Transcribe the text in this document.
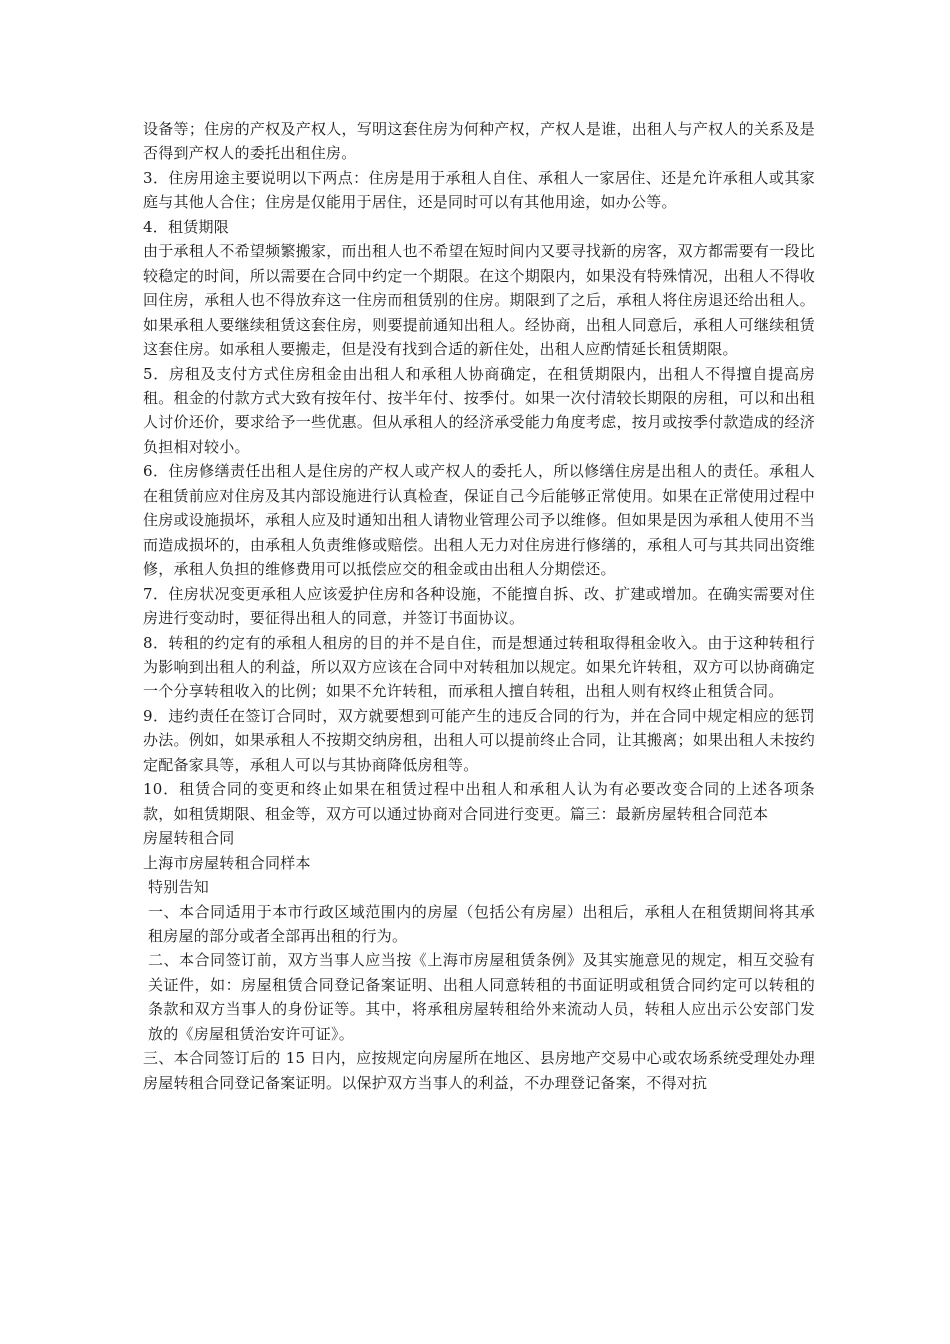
设备等；住房的产权及产权人，写明这套住房为何种产权，产权人是谁，出租人与产权人的关系及是否得到产权人的委托出租住房。

3．住房用途主要说明以下两点：住房是用于承租人自住、承租人一家居住、还是允许承租人或其家庭与其他人合住；住房是仅能用于居住，还是同时可以有其他用途，如办公等。

4．租赁期限

由于承租人不希望频繁搬家，而出租人也不希望在短时间内又要寻找新的房客，双方都需要有一段比较稳定的时间，所以需要在合同中约定一个期限。在这个期限内，如果没有特殊情况，出租人不得收回住房，承租人也不得放弃这一住房而租赁别的住房。期限到了之后，承租人将住房退还给出租人。如果承租人要继续租赁这套住房，则要提前通知出租人。经协商，出租人同意后，承租人可继续租赁这套住房。如承租人要搬走，但是没有找到合适的新住处，出租人应酌情延长租赁期限。

5．房租及支付方式住房租金由出租人和承租人协商确定，在租赁期限内，出租人不得擅自提高房租。租金的付款方式大致有按年付、按半年付、按季付。如果一次付清较长期限的房租，可以和出租人讨价还价，要求给予一些优惠。但从承租人的经济承受能力角度考虑，按月或按季付款造成的经济负担相对较小。

6．住房修缮责任出租人是住房的产权人或产权人的委托人，所以修缮住房是出租人的责任。承租人在租赁前应对住房及其内部设施进行认真检查，保证自己今后能够正常使用。如果在正常使用过程中住房或设施损坏，承租人应及时通知出租人请物业管理公司予以维修。但如果是因为承租人使用不当而造成损坏的，由承租人负责维修或赔偿。出租人无力对住房进行修缮的，承租人可与其共同出资维修，承租人负担的维修费用可以抵偿应交的租金或由出租人分期偿还。

7．住房状况变更承租人应该爱护住房和各种设施，不能擅自拆、改、扩建或增加。在确实需要对住房进行变动时，要征得出租人的同意，并签订书面协议。

8．转租的约定有的承租人租房的目的并不是自住，而是想通过转租取得租金收入。由于这种转租行为影响到出租人的利益，所以双方应该在合同中对转租加以规定。如果允许转租，双方可以协商确定一个分享转租收入的比例；如果不允许转租，而承租人擅自转租，出租人则有权终止租赁合同。

9．违约责任在签订合同时，双方就要想到可能产生的违反合同的行为，并在合同中规定相应的惩罚办法。例如，如果承租人不按期交纳房租，出租人可以提前终止合同，让其搬离；如果出租人未按约定配备家具等，承租人可以与其协商降低房租等。

10．租赁合同的变更和终止如果在租赁过程中出租人和承租人认为有必要改变合同的上述各项条款，如租赁期限、租金等，双方可以通过协商对合同进行变更。篇三：最新房屋转租合同范本

房屋转租合同

上海市房屋转租合同样本

特别告知

一、本合同适用于本市行政区域范围内的房屋（包括公有房屋）出租后，承租人在租赁期间将其承租房屋的部分或者全部再出租的行为。

二、本合同签订前，双方当事人应当按《上海市房屋租赁条例》及其实施意见的规定，相互交验有关证件，如：房屋租赁合同登记备案证明、出租人同意转租的书面证明或租赁合同约定可以转租的条款和双方当事人的身份证等。其中，将承租房屋转租给外来流动人员，转租人应出示公安部门发放的《房屋租赁治安许可证》。

三、本合同签订后的 15 日内，应按规定向房屋所在地区、县房地产交易中心或农场系统受理处办理房屋转租合同登记备案证明。以保护双方当事人的利益，不办理登记备案，不得对抗
